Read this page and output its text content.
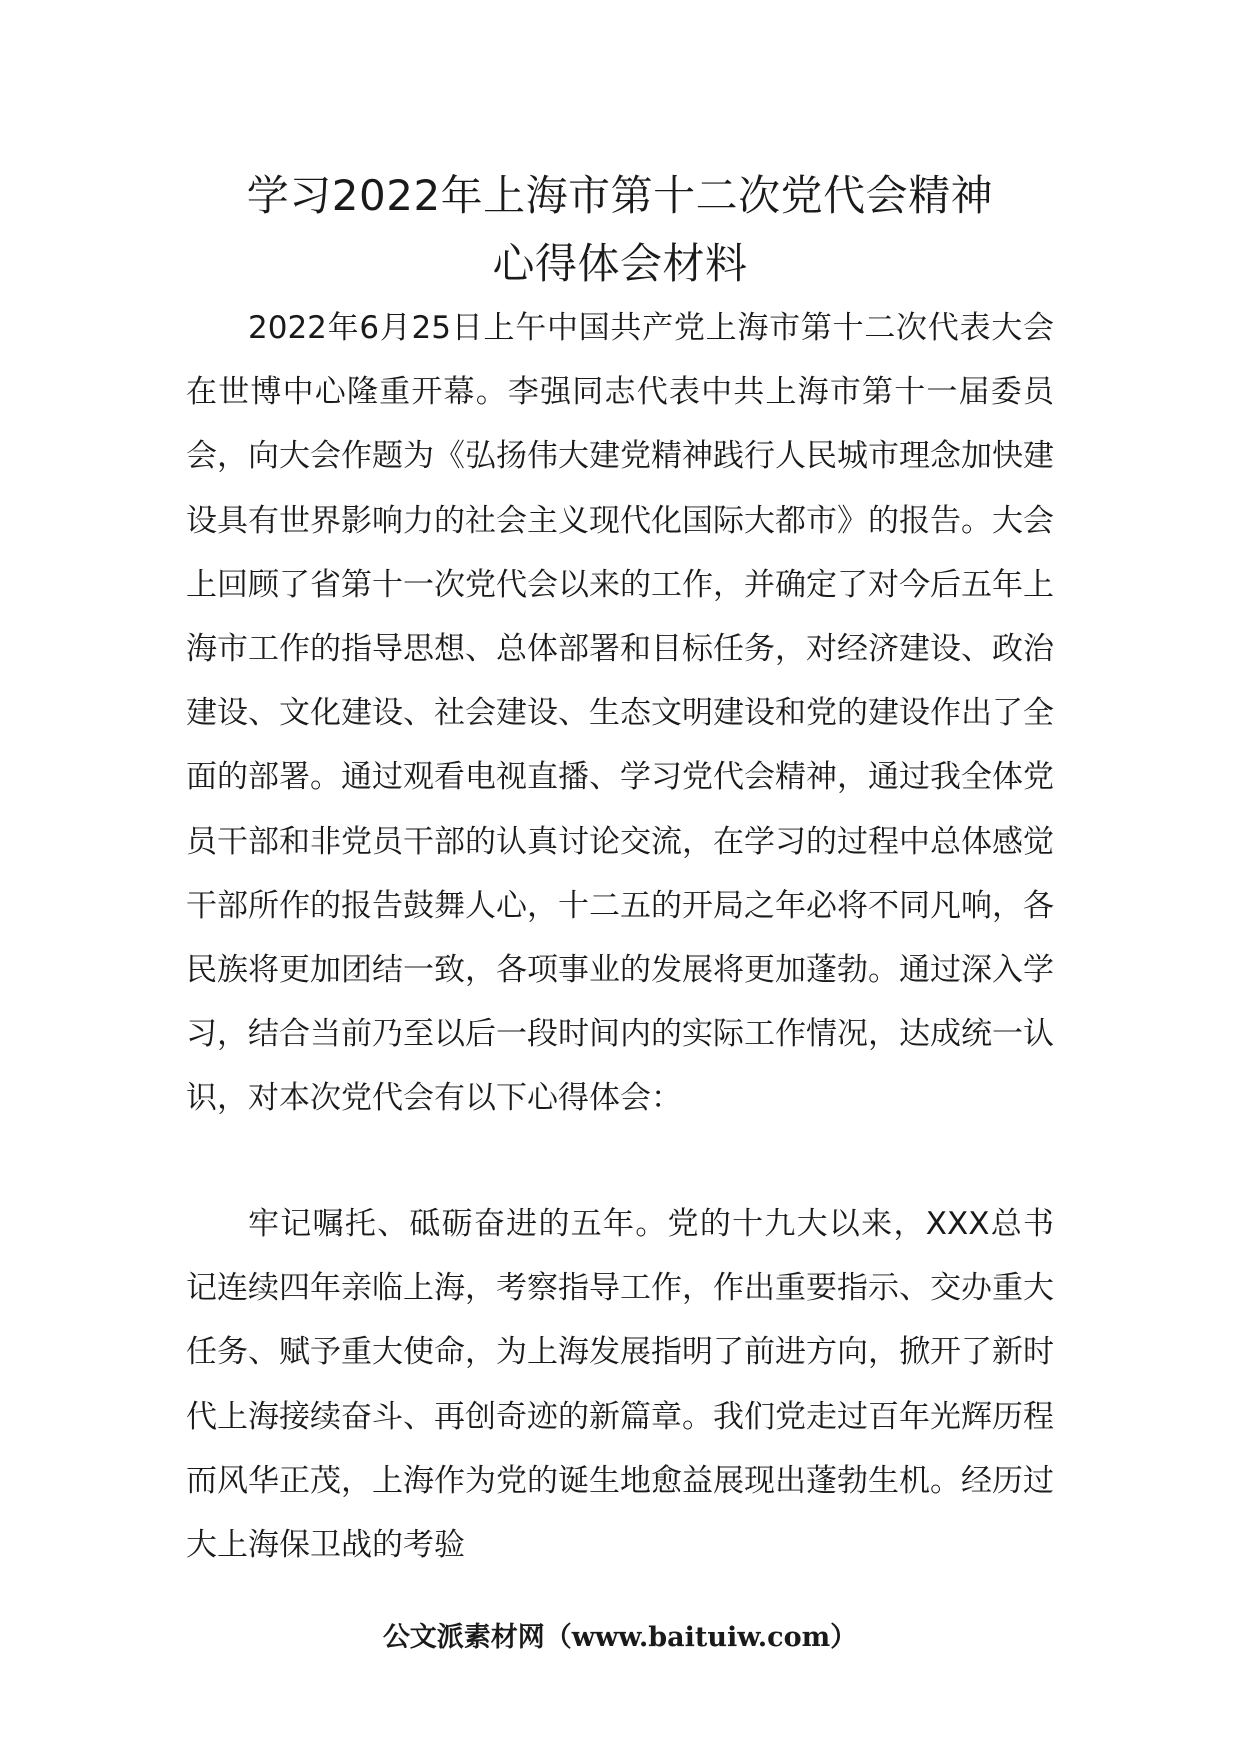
学习2022年上海市第十二次党代会精神
心得体会材料

2022年6月25日上午中国共产党上海市第十二次代表大会在世博中心隆重开幕。李强同志代表中共上海市第十一届委员会，向大会作题为《弘扬伟大建党精神践行人民城市理念加快建设具有世界影响力的社会主义现代化国际大都市》的报告。大会上回顾了省第十一次党代会以来的工作，并确定了对今后五年上海市工作的指导思想、总体部署和目标任务，对经济建设、政治建设、文化建设、社会建设、生态文明建设和党的建设作出了全面的部署。通过观看电视直播、学习党代会精神，通过我全体党员干部和非党员干部的认真讨论交流，在学习的过程中总体感觉干部所作的报告鼓舞人心，十二五的开局之年必将不同凡响，各民族将更加团结一致，各项事业的发展将更加蓬勃。通过深入学习，结合当前乃至以后一段时间内的实际工作情况，达成统一认识，对本次党代会有以下心得体会：

牢记嘱托、砥砺奋进的五年。党的十九大以来，XXX总书记连续四年亲临上海，考察指导工作，作出重要指示、交办重大任务、赋予重大使命，为上海发展指明了前进方向，掀开了新时代上海接续奋斗、再创奇迹的新篇章。我们党走过百年光辉历程而风华正茂，上海作为党的诞生地愈益展现出蓬勃生机。经历过大上海保卫战的考验

公文派素材网（www.baituiw.com）
